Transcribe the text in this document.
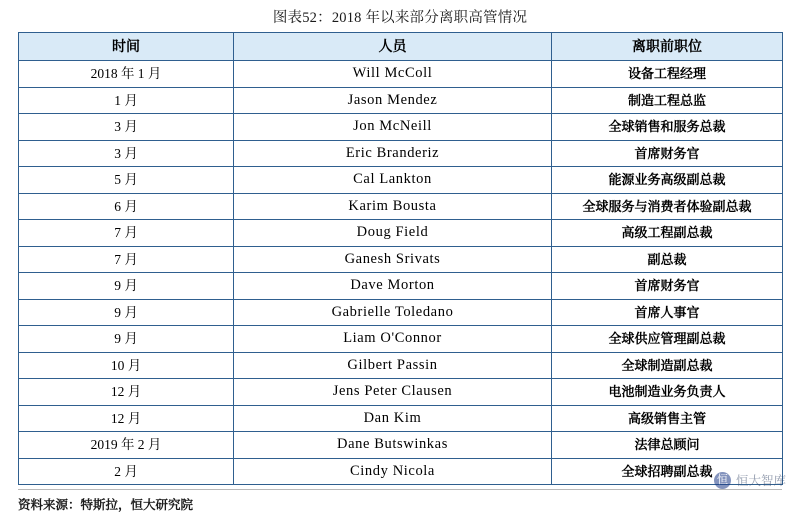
图表52：2018 年以来部分离职高管情况
时间	人员	离职前职位
2018 年 1 月	Will McColl	设备工程经理
1 月	Jason Mendez	制造工程总监
3 月	Jon McNeill	全球销售和服务总裁
3 月	Eric Branderiz	首席财务官
5 月	Cal Lankton	能源业务高级副总裁
6 月	Karim Bousta	全球服务与消费者体验副总裁
7 月	Doug Field	高级工程副总裁
7 月	Ganesh Srivats	副总裁
9 月	Dave Morton	首席财务官
9 月	Gabrielle Toledano	首席人事官
9 月	Liam O'Connor	全球供应管理副总裁
10 月	Gilbert Passin	全球制造副总裁
12 月	Jens Peter Clausen	电池制造业务负责人
12 月	Dan Kim	高级销售主管
2019 年 2 月	Dane Butswinkas	法律总顾问
2 月	Cindy Nicola	全球招聘副总裁
资料来源：特斯拉，恒大研究院
恒 恒大智库
